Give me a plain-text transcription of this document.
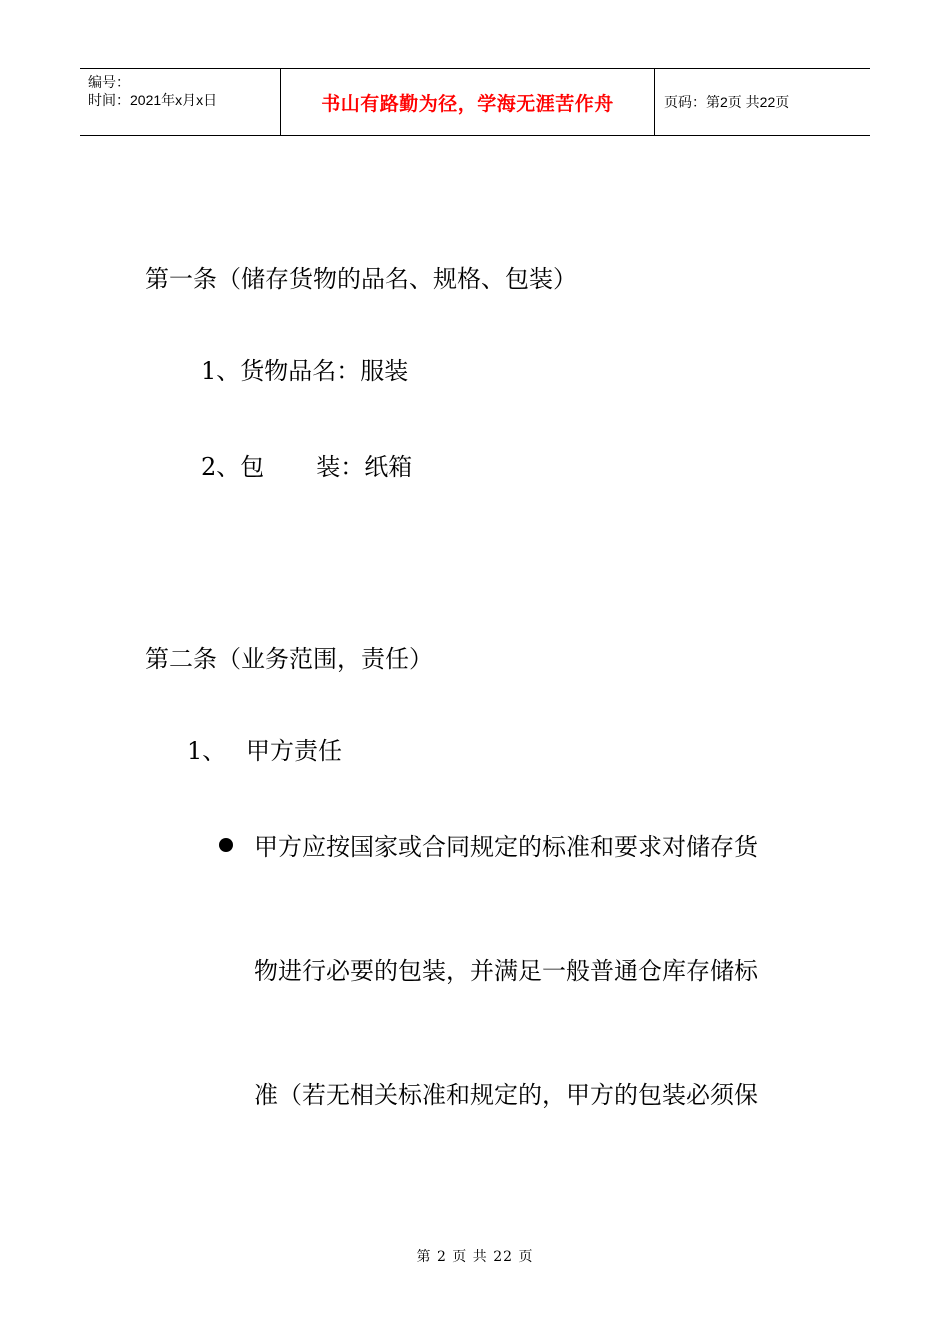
编号：
时间：2021年x月x日	书山有路勤为径，学海无涯苦作舟	页码：第2页 共22页
第一条（储存货物的品名、规格、包装）
1、货物品名：服装
2、包 装：纸箱
第二条（业务范围，责任）
1、 甲方责任
甲方应按国家或合同规定的标准和要求对储存货
物进行必要的包装，并满足一般普通仓库存储标
准（若无相关标准和规定的，甲方的包装必须保
第 2 页 共 22 页
